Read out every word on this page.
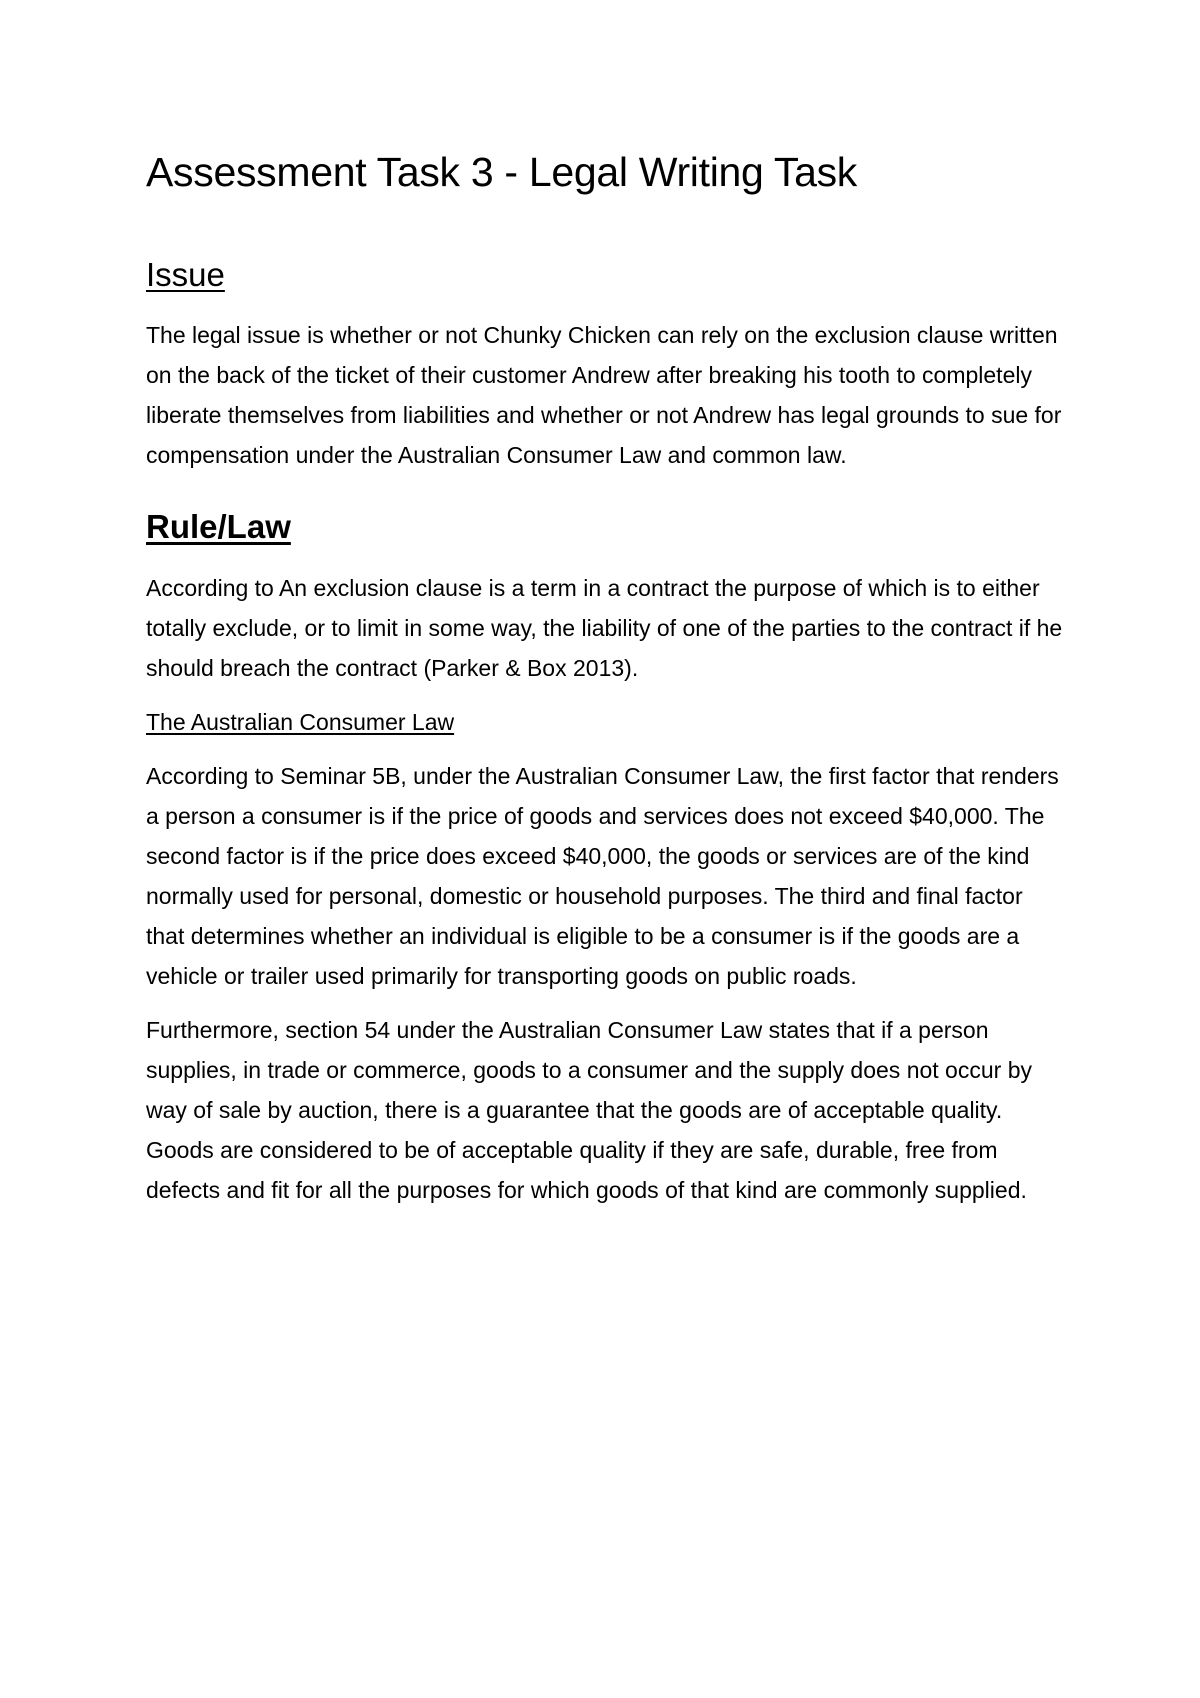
Assessment Task 3 - Legal Writing Task
Issue

The legal issue is whether or not Chunky Chicken can rely on the exclusion clause written on the back of the ticket of their customer Andrew after breaking his tooth to completely liberate themselves from liabilities and whether or not Andrew has legal grounds to sue for compensation under the Australian Consumer Law and common law.

Rule/Law

According to An exclusion clause is a term in a contract the purpose of which is to either totally exclude, or to limit in some way, the liability of one of the parties to the contract if he should breach the contract (Parker & Box 2013).

The Australian Consumer Law

According to Seminar 5B, under the Australian Consumer Law, the first factor that renders a person a consumer is if the price of goods and services does not exceed $40,000. The second factor is if the price does exceed $40,000, the goods or services are of the kind normally used for personal, domestic or household purposes. The third and final factor that determines whether an individual is eligible to be a consumer is if the goods are a vehicle or trailer used primarily for transporting goods on public roads.

Furthermore, section 54 under the Australian Consumer Law states that if a person supplies, in trade or commerce, goods to a consumer and the supply does not occur by way of sale by auction, there is a guarantee that the goods are of acceptable quality. Goods are considered to be of acceptable quality if they are safe, durable, free from defects and fit for all the purposes for which goods of that kind are commonly supplied.
